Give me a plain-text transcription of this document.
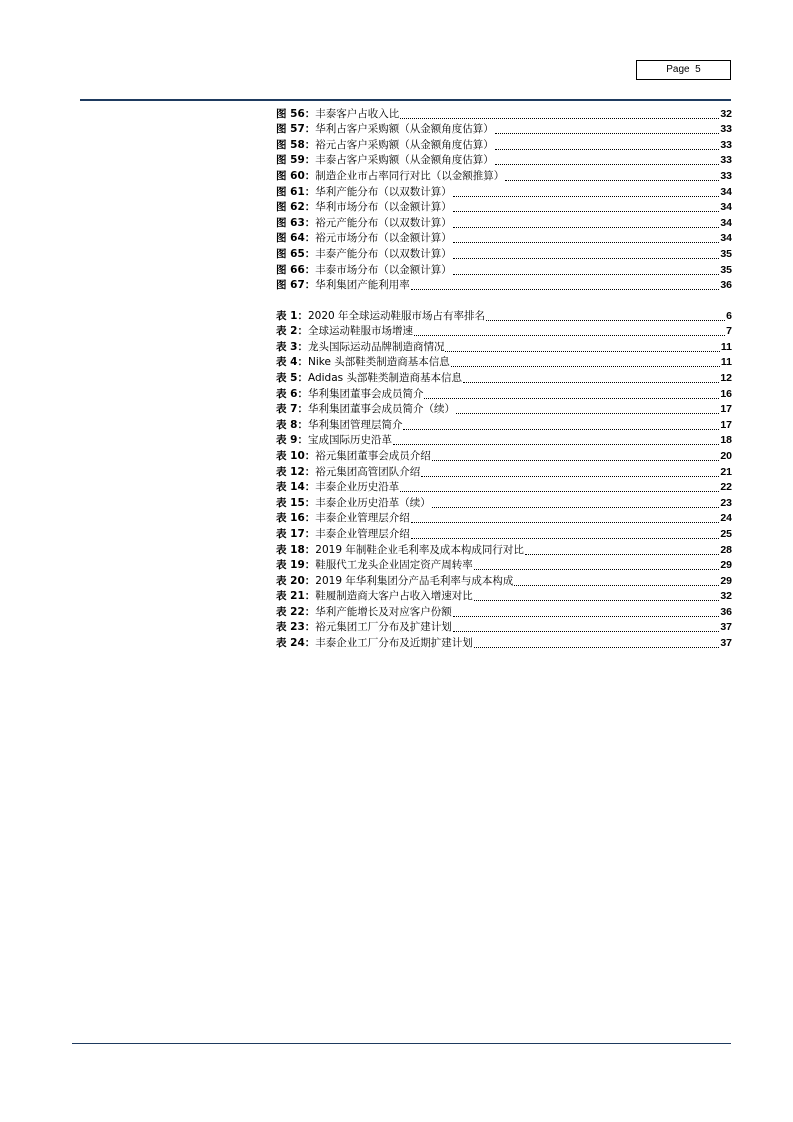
Page 5
图 56： 丰泰客户占收入比	32
图 57： 华利占客户采购额（从金额角度估算）	33
图 58： 裕元占客户采购额（从金额角度估算）	33
图 59： 丰泰占客户采购额（从金额角度估算）	33
图 60： 制造企业市占率同行对比（以金额推算）	33
图 61： 华利产能分布（以双数计算）	34
图 62： 华利市场分布（以金额计算）	34
图 63： 裕元产能分布（以双数计算）	34
图 64： 裕元市场分布（以金额计算）	34
图 65： 丰泰产能分布（以双数计算）	35
图 66： 丰泰市场分布（以金额计算）	35
图 67： 华利集团产能利用率	36
表 1： 2020 年全球运动鞋服市场占有率排名	6
表 2： 全球运动鞋服市场增速	7
表 3： 龙头国际运动品牌制造商情况	11
表 4： Nike 头部鞋类制造商基本信息	11
表 5： Adidas 头部鞋类制造商基本信息	12
表 6： 华利集团董事会成员简介	16
表 7： 华利集团董事会成员简介（续）	17
表 8： 华利集团管理层简介	17
表 9： 宝成国际历史沿革	18
表 10： 裕元集团董事会成员介绍	20
表 12： 裕元集团高管团队介绍	21
表 14： 丰泰企业历史沿革	22
表 15： 丰泰企业历史沿革（续）	23
表 16： 丰泰企业管理层介绍	24
表 17： 丰泰企业管理层介绍	25
表 18： 2019 年制鞋企业毛利率及成本构成同行对比	28
表 19： 鞋服代工龙头企业固定资产周转率	29
表 20： 2019 年华利集团分产品毛利率与成本构成	29
表 21： 鞋履制造商大客户占收入增速对比	32
表 22： 华利产能增长及对应客户份额	36
表 23： 裕元集团工厂分布及扩建计划	37
表 24： 丰泰企业工厂分布及近期扩建计划	37
